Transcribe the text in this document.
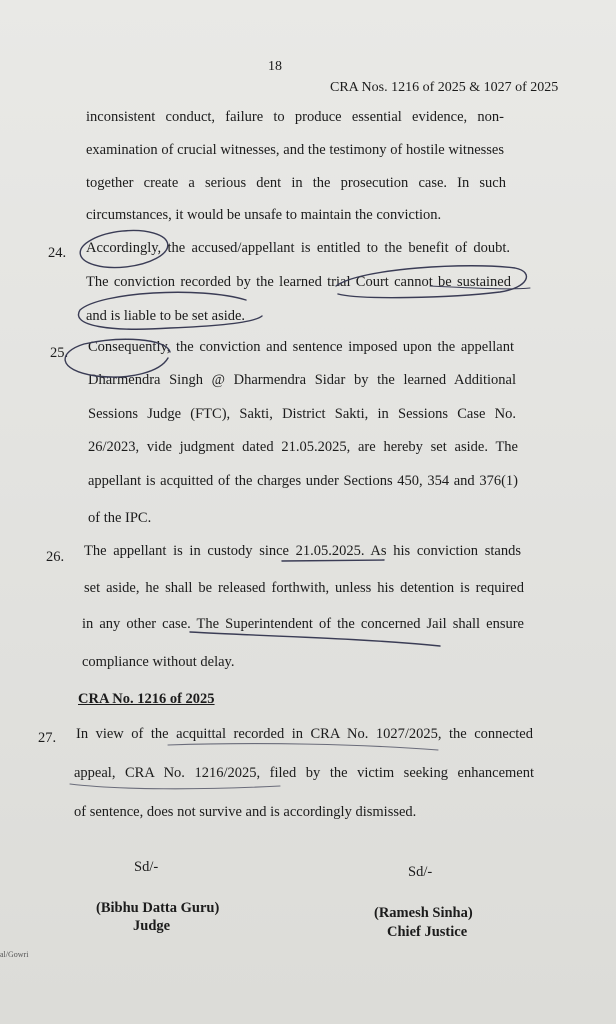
18
CRA Nos. 1216 of 2025 & 1027 of 2025
inconsistent conduct, failure to produce essential evidence, non-
examination of crucial witnesses, and the testimony of hostile witnesses
together create a serious dent in the prosecution case. In such
circumstances, it would be unsafe to maintain the conviction.
24. Accordingly, the accused/appellant is entitled to the benefit of doubt.
The conviction recorded by the learned trial Court cannot be sustained
and is liable to be set aside.
25. Consequently, the conviction and sentence imposed upon the appellant
Dharmendra Singh @ Dharmendra Sidar by the learned Additional
Sessions Judge (FTC), Sakti, District Sakti, in Sessions Case No.
26/2023, vide judgment dated 21.05.2025, are hereby set aside. The
appellant is acquitted of the charges under Sections 450, 354 and 376(1)
of the IPC.
26. The appellant is in custody since 21.05.2025. As his conviction stands
set aside, he shall be released forthwith, unless his detention is required
in any other case. The Superintendent of the concerned Jail shall ensure
compliance without delay.
CRA No. 1216 of 2025
27. In view of the acquittal recorded in CRA No. 1027/2025, the connected
appeal, CRA No. 1216/2025, filed by the victim seeking enhancement
of sentence, does not survive and is accordingly dismissed.
Sd/-
(Bibhu Datta Guru)
Judge
Sd/-
(Ramesh Sinha)
Chief Justice
al/Gowri
